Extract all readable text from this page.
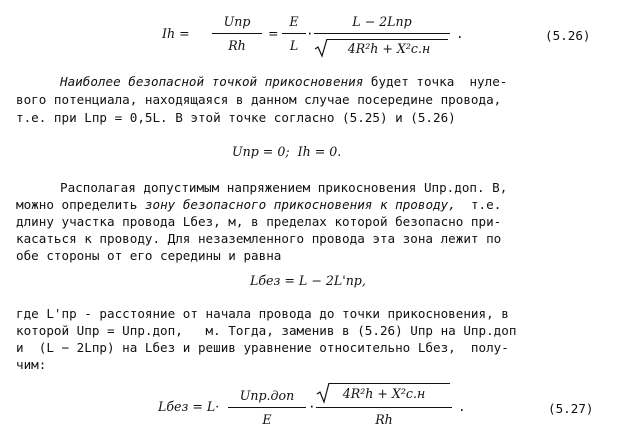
Ih =
Uпр
Rh
=
E
L
·
L − 2Lпр
4R²h + X²с.н
.	(5.26)
Наиболее безопасной точкой прикосновения будет точка  нуле-
вого потенциала, находящаяся в данном случае посередине провода,
т.е. при Lпр = 0,5L. В этой точке согласно (5.25) и (5.26)
Uпр = 0;  Ih = 0.
Располагая допустимым напряжением прикосновения Uпр.доп. В,
можно определить зону безопасного прикосновения к проводу,  т.е.
длину участка провода Lбез, м, в пределах которой безопасно при-
касаться к проводу. Для незаземленного провода эта зона лежит по
обе стороны от его середины и равна
Lбез = L − 2L'пр,
где L'пр - расстояние от начала провода до точки прикосновения, в
которой Uпр = Uпр.доп,   м. Тогда, заменив в (5.26) Uпр на Uпр.доп
и  (L − 2Lпр) на Lбез и решив уравнение относительно Lбез,  полу-
чим:
Lбез = L·
Uпр.доп
E
·
4R²h + X²с.н
Rh
.	(5.27)
